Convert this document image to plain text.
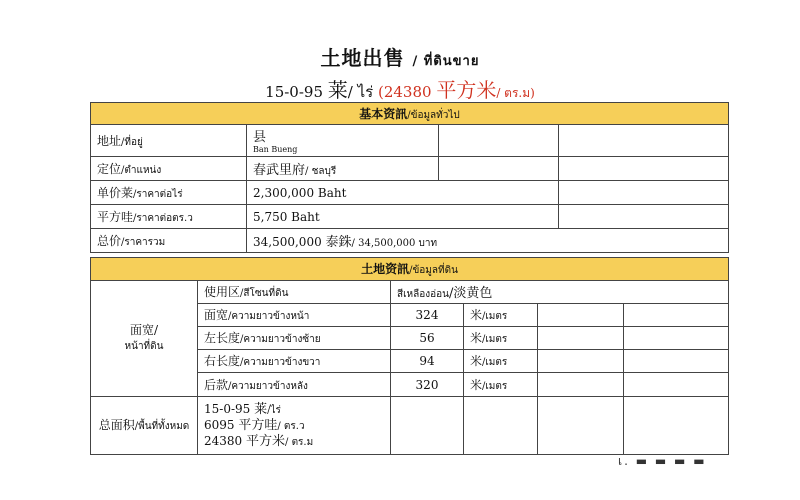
土地出售 / ที่ดินขาย
15-0-95 莱/ ไร่ (24380 平方米/ ตร.ม)
基本资訊/ข้อมูลทั่วไป			
地址/ที่อยู่	县
Ban Bueng		

定位/ตำแหน่ง	春武里府/ ชลบุรี		
单价莱/ราคาต่อไร่	2,300,000 Baht		
平方哇/ราคาต่อตร.ว	5,750 Baht		
总价/ราคารวม	34,500,000 泰銖/ 34,500,000 บาท		
土地资訊/ข้อมูลที่ดิน					
面宽/
หน้าที่ดิน	使用区/สีโซนที่ดิน	สีเหลืองอ่อน/淡黄色			
	面宽/ความยาวข้างหน้า	324	米/เมตร		
	左长度/ความยาวข้างซ้าย	56	米/เมตร		
	右长度/ความยาวข้างขวา	94	米/เมตร		
	后款/ความยาวข้างหลัง	320	米/เมตร		
总面积/พื้นที่ทั้งหมด	15-0-95 莱/ไร่
6095 平方哇/ ตร.ว
24380 平方米/ ตร.ม				

เ. ▬ ▬ ▬ ▬
